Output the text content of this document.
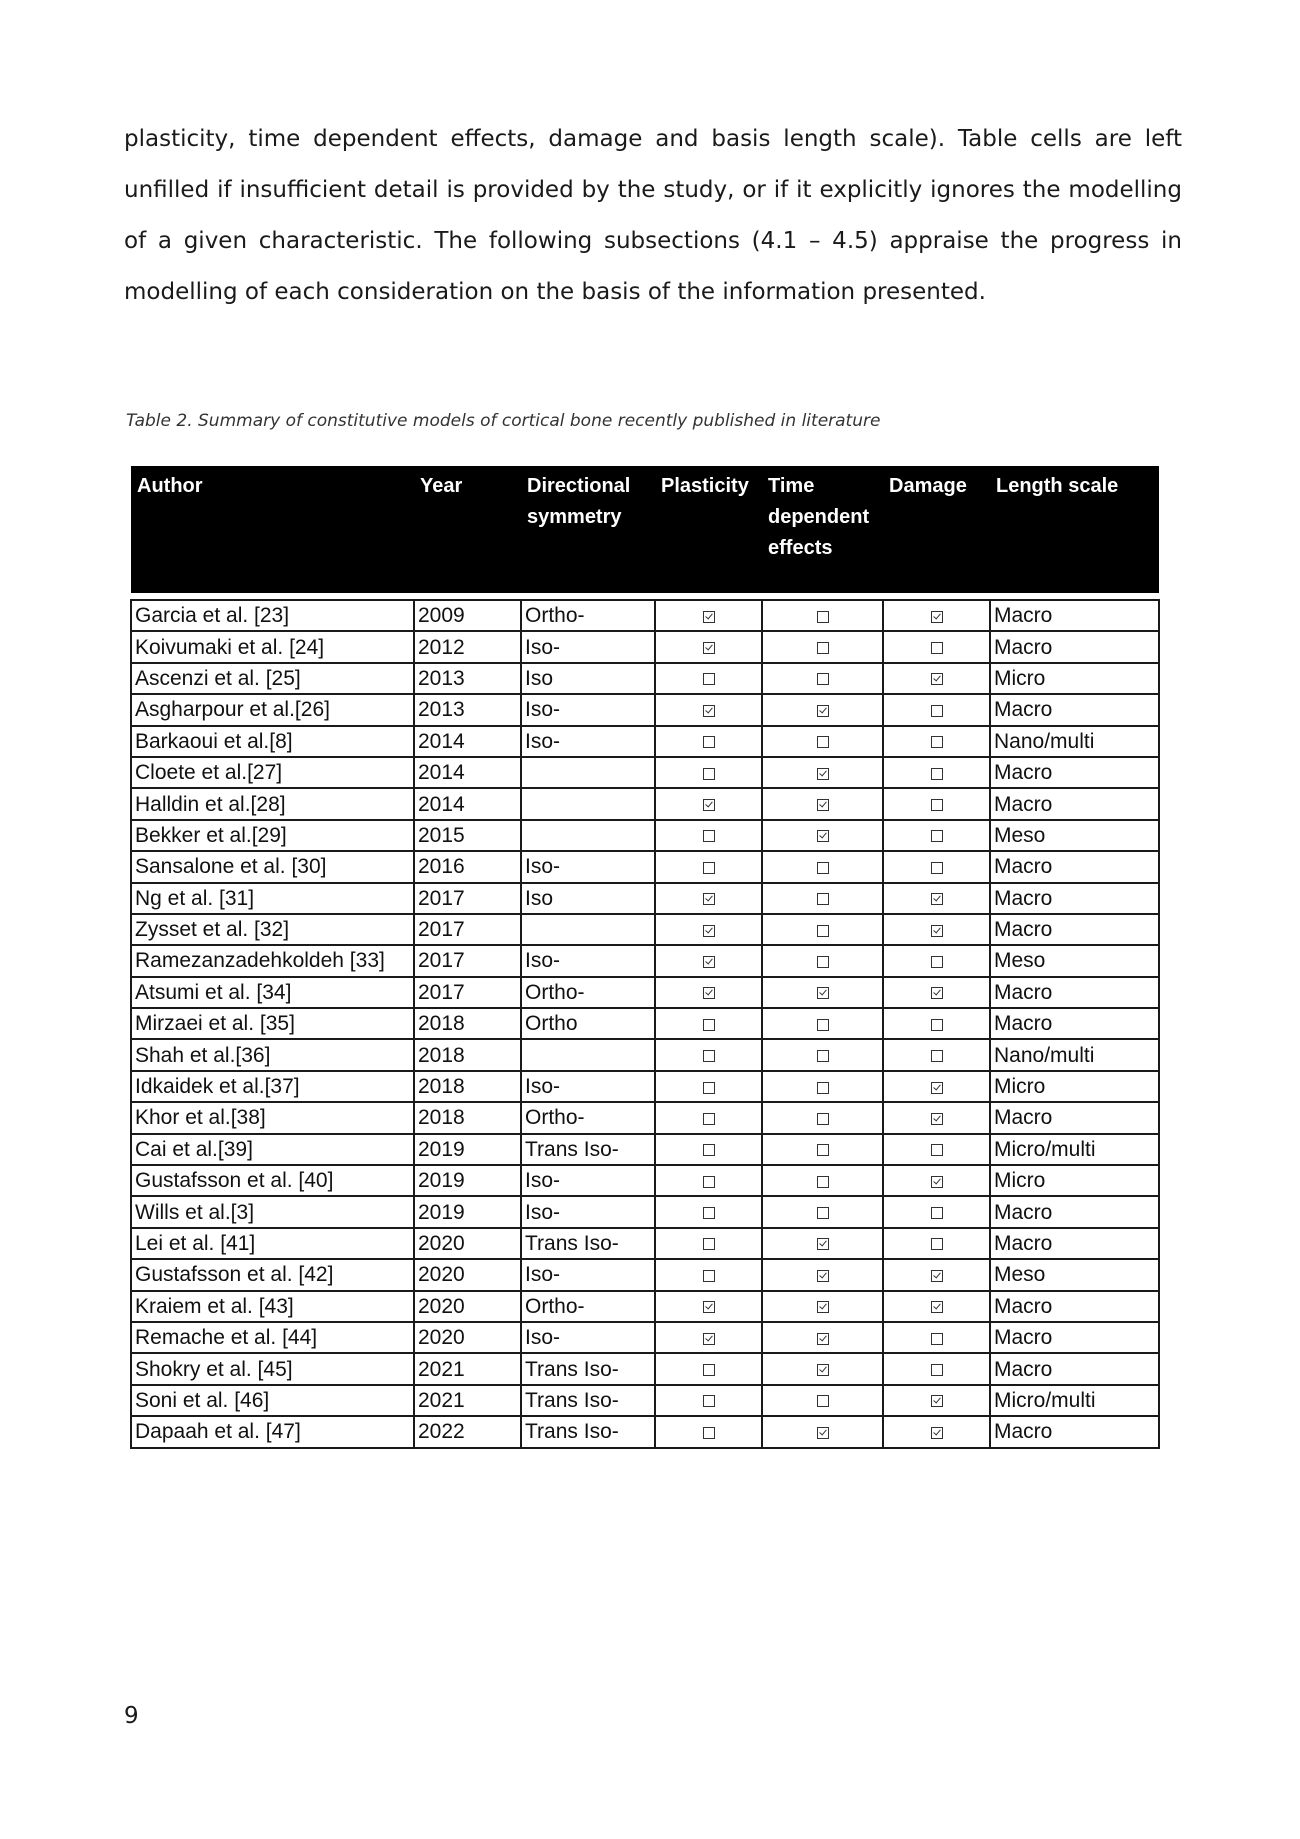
plasticity, time dependent effects, damage and basis length scale). Table cells are left unfilled if insufficient detail is provided by the study, or if it explicitly ignores the modelling of a given characteristic. The following subsections (4.1 – 4.5) appraise the progress in modelling of each consideration on the basis of the information presented.

Table 2. Summary of constitutive models of cortical bone recently published in literature
Author	Year	Directional symmetry	Plasticity	Time dependent effects	Damage	Length scale

Garcia et al. [23]	2009	Ortho-				Macro
Koivumaki et al. [24]	2012	Iso-				Macro
Ascenzi et al. [25]	2013	Iso				Micro
Asgharpour et al.[26]	2013	Iso-				Macro
Barkaoui et al.[8]	2014	Iso-				Nano/multi
Cloete et al.[27]	2014					Macro
Halldin et al.[28]	2014					Macro
Bekker et al.[29]	2015					Meso
Sansalone et al. [30]	2016	Iso-				Macro
Ng et al. [31]	2017	Iso				Macro
Zysset et al. [32]	2017					Macro
Ramezanzadehkoldeh [33]	2017	Iso-				Meso
Atsumi et al. [34]	2017	Ortho-				Macro
Mirzaei et al. [35]	2018	Ortho				Macro
Shah et al.[36]	2018					Nano/multi
Idkaidek et al.[37]	2018	Iso-				Micro
Khor et al.[38]	2018	Ortho-				Macro
Cai et al.[39]	2019	Trans Iso-				Micro/multi
Gustafsson et al. [40]	2019	Iso-				Micro
Wills et al.[3]	2019	Iso-				Macro
Lei et al. [41]	2020	Trans Iso-				Macro
Gustafsson et al. [42]	2020	Iso-				Meso
Kraiem et al. [43]	2020	Ortho-				Macro
Remache et al. [44]	2020	Iso-				Macro
Shokry et al. [45]	2021	Trans Iso-				Macro
Soni et al. [46]	2021	Trans Iso-				Micro/multi
Dapaah et al. [47]	2022	Trans Iso-				Macro
9
